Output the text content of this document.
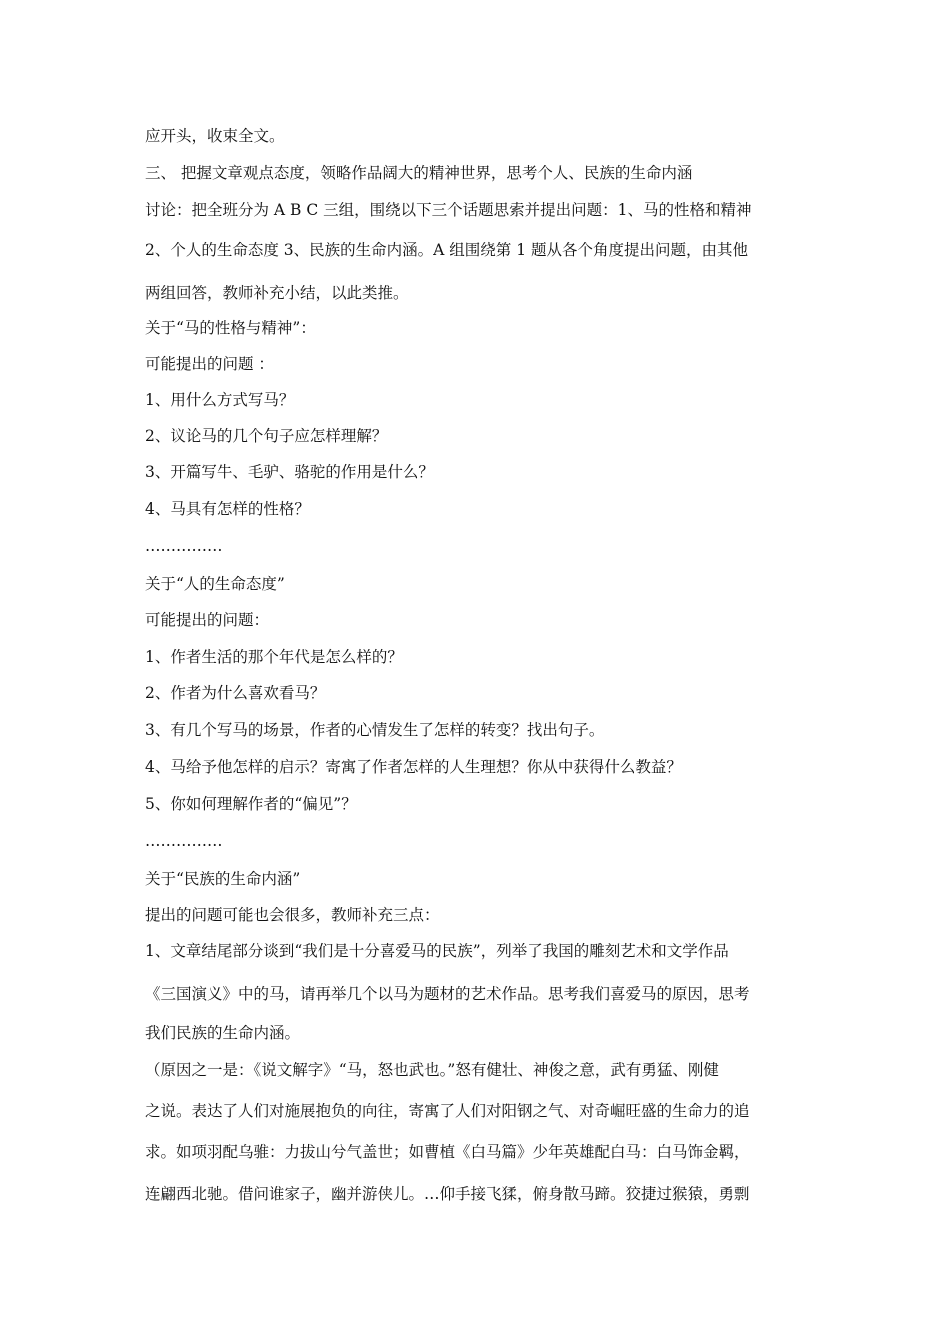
应开头，收束全文。
三、 把握文章观点态度，领略作品阔大的精神世界，思考个人、民族的生命内涵
讨论：把全班分为 A B C 三组，围绕以下三个话题思索并提出问题：1、马的性格和精神
2、个人的生命态度 3、民族的生命内涵。A 组围绕第 1 题从各个角度提出问题，由其他
两组回答，教师补充小结，以此类推。
关于“马的性格与精神”：
可能提出的问题 ：
1、用什么方式写马？
2、议论马的几个句子应怎样理解？
3、开篇写牛、毛驴、骆驼的作用是什么？
4、马具有怎样的性格？
……………
关于“人的生命态度”
可能提出的问题：
1、作者生活的那个年代是怎么样的？
2、作者为什么喜欢看马？
3、有几个写马的场景，作者的心情发生了怎样的转变？找出句子。
4、马给予他怎样的启示？寄寓了作者怎样的人生理想？你从中获得什么教益？
5、你如何理解作者的“偏见”？
……………
关于“民族的生命内涵”
提出的问题可能也会很多，教师补充三点：
1、文章结尾部分谈到“我们是十分喜爱马的民族”，列举了我国的雕刻艺术和文学作品
《三国演义》中的马，请再举几个以马为题材的艺术作品。思考我们喜爱马的原因，思考
我们民族的生命内涵。
（原因之一是：《说文解字》“马，怒也武也。”怒有健壮、神俊之意，武有勇猛、刚健
之说。表达了人们对施展抱负的向往，寄寓了人们对阳钢之气、对奇崛旺盛的生命力的追
求。如项羽配乌骓：力拔山兮气盖世；如曹植《白马篇》少年英雄配白马：白马饰金羁，
连翩西北驰。借问谁家子，幽并游侠儿。…仰手接飞猱，俯身散马蹄。狡捷过猴猿，勇剽
